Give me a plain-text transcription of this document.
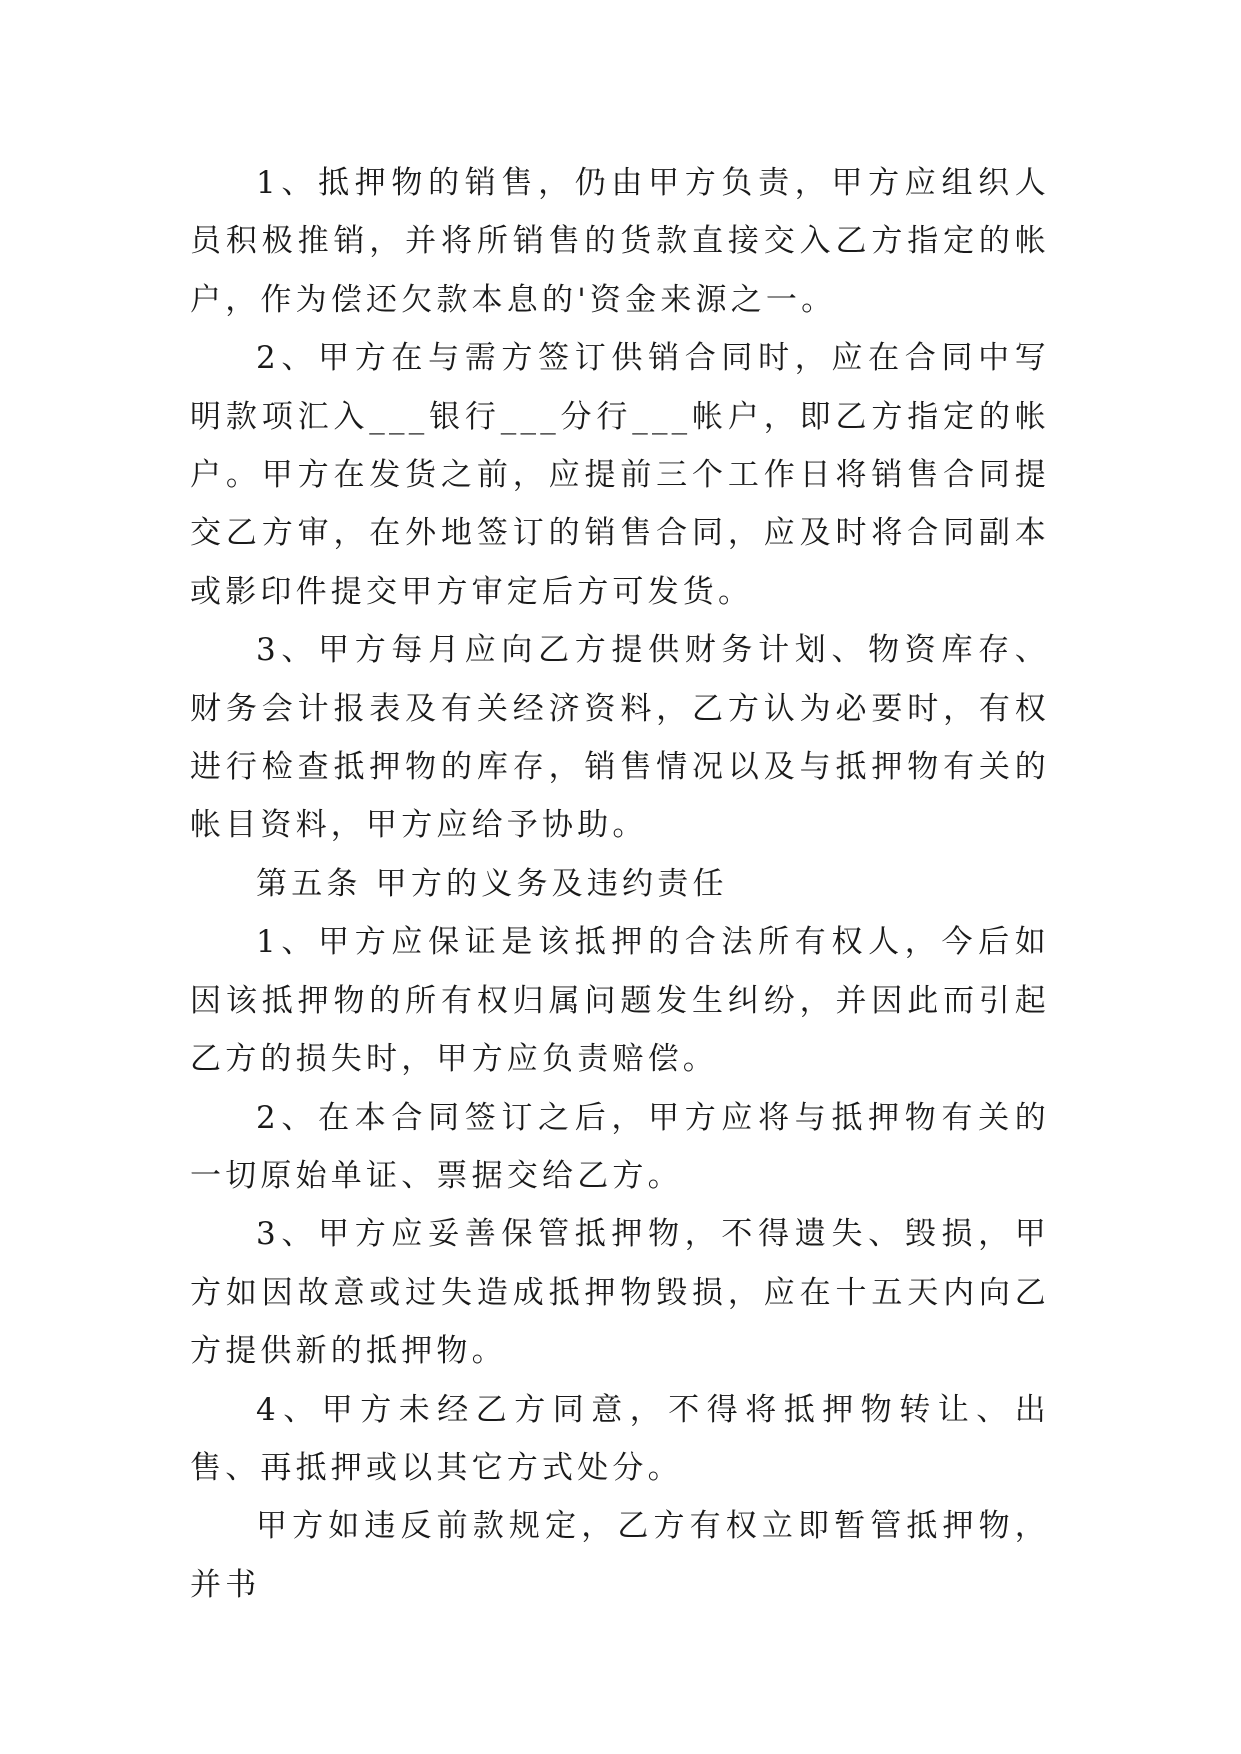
1、抵押物的销售，仍由甲方负责，甲方应组织人员积极推销，并将所销售的货款直接交入乙方指定的帐户，作为偿还欠款本息的'资金来源之一。

2、甲方在与需方签订供销合同时，应在合同中写明款项汇入___银行___分行___帐户，即乙方指定的帐户。甲方在发货之前，应提前三个工作日将销售合同提交乙方审，在外地签订的销售合同，应及时将合同副本或影印件提交甲方审定后方可发货。

3、甲方每月应向乙方提供财务计划、物资库存、财务会计报表及有关经济资料，乙方认为必要时，有权进行检查抵押物的库存，销售情况以及与抵押物有关的帐目资料，甲方应给予协助。

第五条 甲方的义务及违约责任

1、甲方应保证是该抵押的合法所有权人，今后如因该抵押物的所有权归属问题发生纠纷，并因此而引起乙方的损失时，甲方应负责赔偿。

2、在本合同签订之后，甲方应将与抵押物有关的一切原始单证、票据交给乙方。

3、甲方应妥善保管抵押物，不得遗失、毁损，甲方如因故意或过失造成抵押物毁损，应在十五天内向乙方提供新的抵押物。

4、甲方未经乙方同意，不得将抵押物转让、出售、再抵押或以其它方式处分。

甲方如违反前款规定，乙方有权立即暂管抵押物，并书
